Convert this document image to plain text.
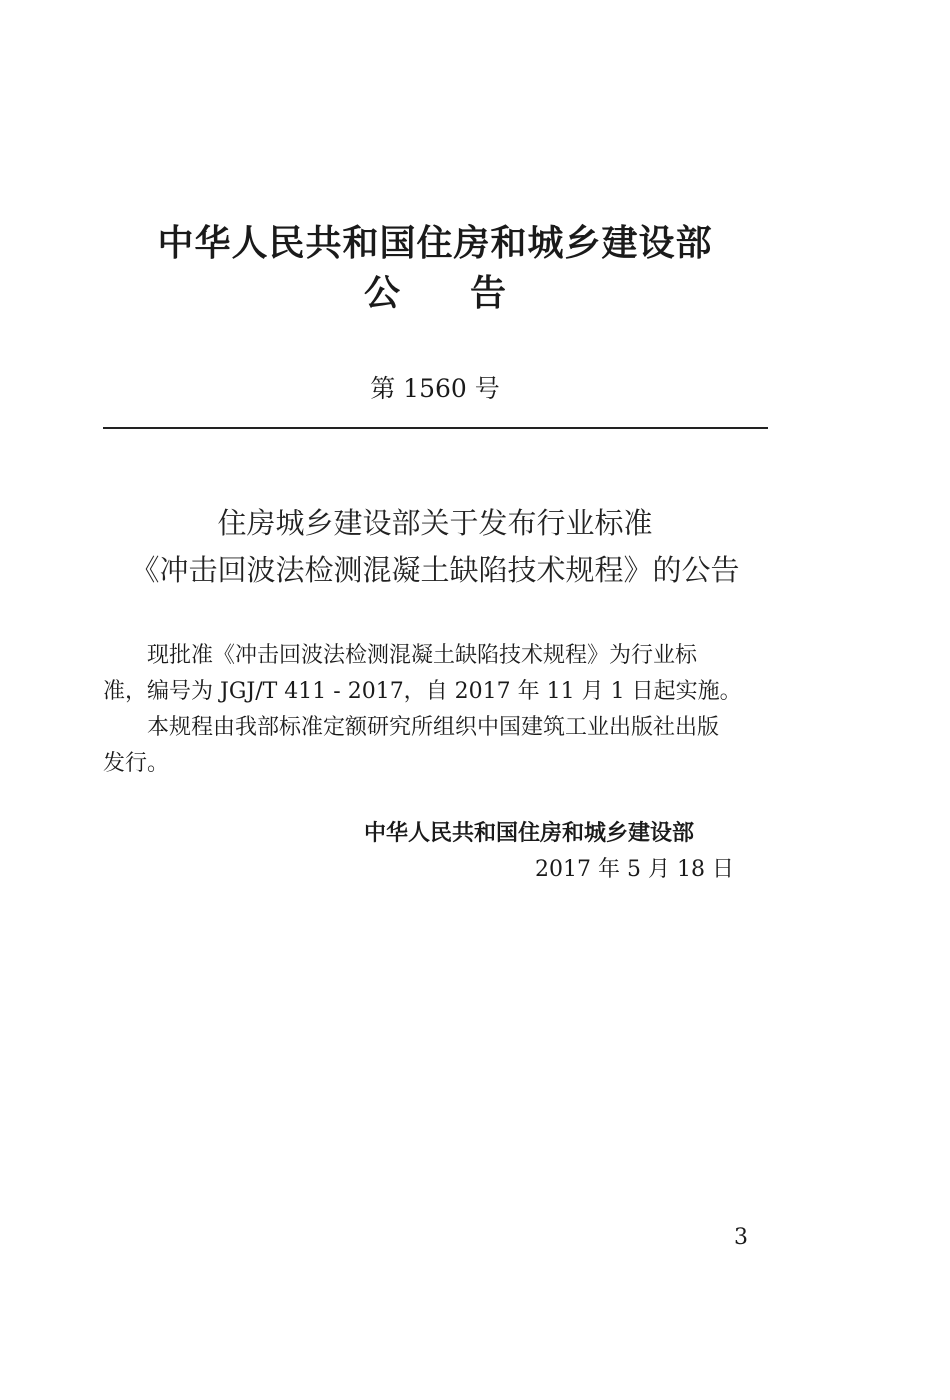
中华人民共和国住房和城乡建设部
公告
第 1560 号
住房城乡建设部关于发布行业标准
《冲击回波法检测混凝土缺陷技术规程》的公告

现批准《冲击回波法检测混凝土缺陷技术规程》为行业标

准，编号为 JGJ/T 411 - 2017，自 2017 年 11 月 1 日起实施。

本规程由我部标准定额研究所组织中国建筑工业出版社出版

发行。

中华人民共和国住房和城乡建设部
2017 年 5 月 18 日
3
